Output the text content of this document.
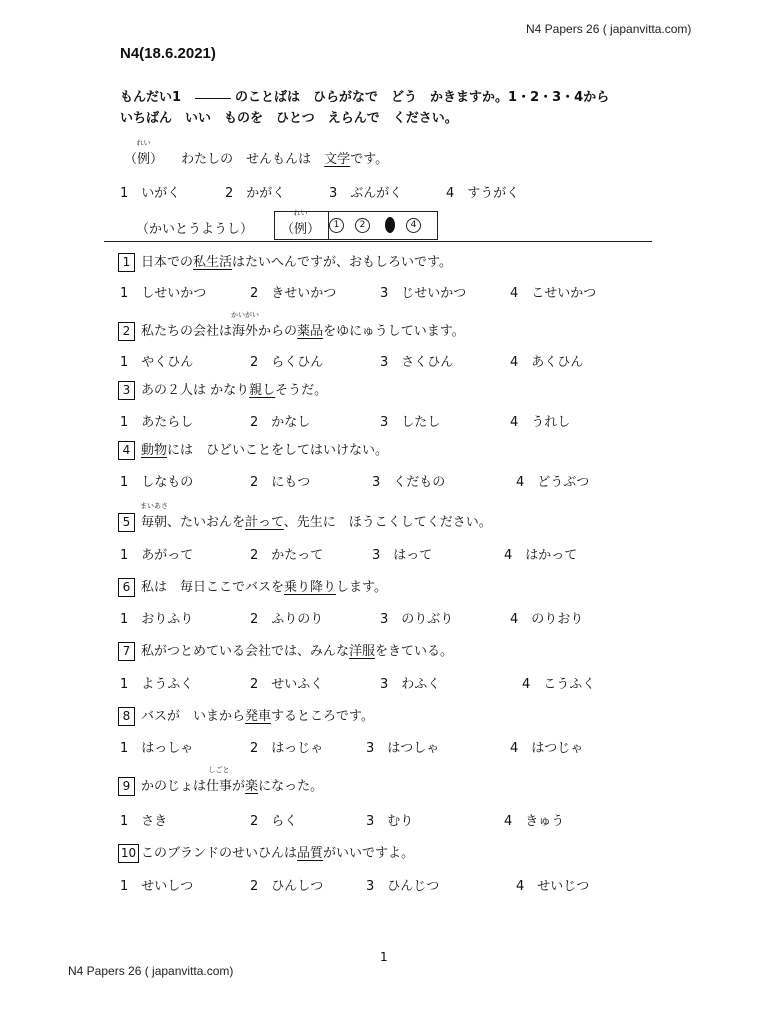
N4 Papers 26 ( japanvitta.com)
N4(18.6.2021)
もんだい1	のことばは　ひらがなで　どう　かきますか。1・2・3・4から
いちばん　いい　ものを　ひとつ　えらんで　ください。
れい
（例） わたしの　せんもんは　文学です。
1　いがく	2　かがく	3　ぶんがく	4　すうがく
（かいとうようし）
れい
（例）	1	2	4
1 日本での私生活はたいへんですが、おもしろいです。
1　しせいかつ	2　きせいかつ	3　じせいかつ	4　こせいかつ
2 私たちの会社は
かいがい
海外からの薬品をゆにゅうしています。
1　やくひん	2　らくひん	3　さくひん	4　あくひん
3 あの２人は かなり親しそうだ。
1　あたらし	2　かなし	3　したし	4　うれし
4 動物には　ひどいことをしてはいけない。
1　しなもの	2　にもつ	3　くだもの	4　どうぶつ
5
まいあさ
毎朝、たいおんを計って、先生に　ほうこくしてください。
1　あがって	2　かたって	3　はって	4　はかって
6 私は　毎日ここでバスを乗り降りします。
1　おりふり	2　ふりのり	3　のりぶり	4　のりおり
7 私がつとめている会社では、みんな洋服をきている。
1　ようふく	2　せいふく	3　わふく	4　こうふく
8 バスが　いまから発車するところです。
1　はっしゃ	2　はっじゃ	3　はつしゃ	4　はつじゃ
9 かのじょは
しごと
仕事が楽になった。
1　さき	2　らく	3　むり	4　きゅう
10 このブランドのせいひんは品質がいいですよ。
1　せいしつ	2　ひんしつ	3　ひんじつ	4　せいじつ
1
N4 Papers 26 ( japanvitta.com)
